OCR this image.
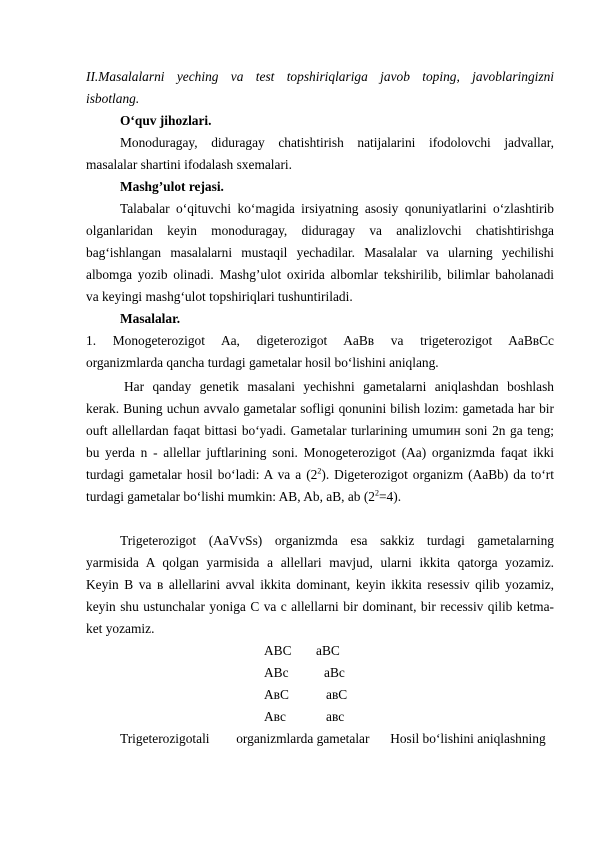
II.Masalalarni yeching va test topshiriqlariga javob toping, javoblaringizni
isbotlang.
O‘quv jihozlari.
Monoduragay, diduragay chatishtirish natijalarini ifodolovchi jadvallar,
masalalar shartini ifodalash sxemalari.
Mashg’ulot rejasi.
Talabalar o‘qituvchi ko‘magida irsiyatning asosiy qonuniyatlarini o‘zlashtirib
olganlaridan keyin monoduragay, diduragay va analizlovchi chatishtirishga
bag‘ishlangan masalalarni mustaqil yechadilar. Masalalar va ularning yechilishi
albomga yozib olinadi. Mashg’ulot oxirida albomlar tekshirilib, bilimlar baholanadi
va keyingi mashg‘ulot topshiriqlari tushuntiriladi.
Masalalar.
1. Monogeterozigot Aa, digeterozigot AaBв va trigeterozigot AaBвCc
organizmlarda qancha turdagi gametalar hosil bo‘lishini aniqlang.
Har qanday genetik masalani yechishni gametalarni aniqlashdan boshlash
kerak. Buning uchun avvalo gametalar sofligi qonunini bilish lozim: gametada har bir
ouft allellardan faqat bittasi bo‘yadi. Gametalar turlarining umumин soni 2n ga teng;
bu yerda n - allellar juftlarining soni. Monogeterozigot (Aa) organizmda faqat ikki
turdagi gametalar hosil bo‘ladi: A va a $(2^2)$. Digeterozigot organizm (AaBb) da to‘rt
turdagi gametalar bo‘lishi mumkin: AB, Ab, aB, ab $(2^2=4)$.
Trigeterozigot (AaVvSs) organizmda esa sakkiz turdagi gametalarning
yarmisida A qolgan yarmisida a allellari mavjud, ularni ikkita qatorga yozamiz.
Keyin B va в allellarini avval ikkita dominant, keyin ikkita resessiv qilib yozamiz,
keyin shu ustunchalar yoniga C va c allellarni bir dominant, bir recessiv qilib ketma-
ket yozamiz.
ABC aBC
ABc	aBc
AвC	aвC
Aвc	aвc
Trigeterozigotali organizmlarda gametalar Hosil bo‘lishini aniqlashning
